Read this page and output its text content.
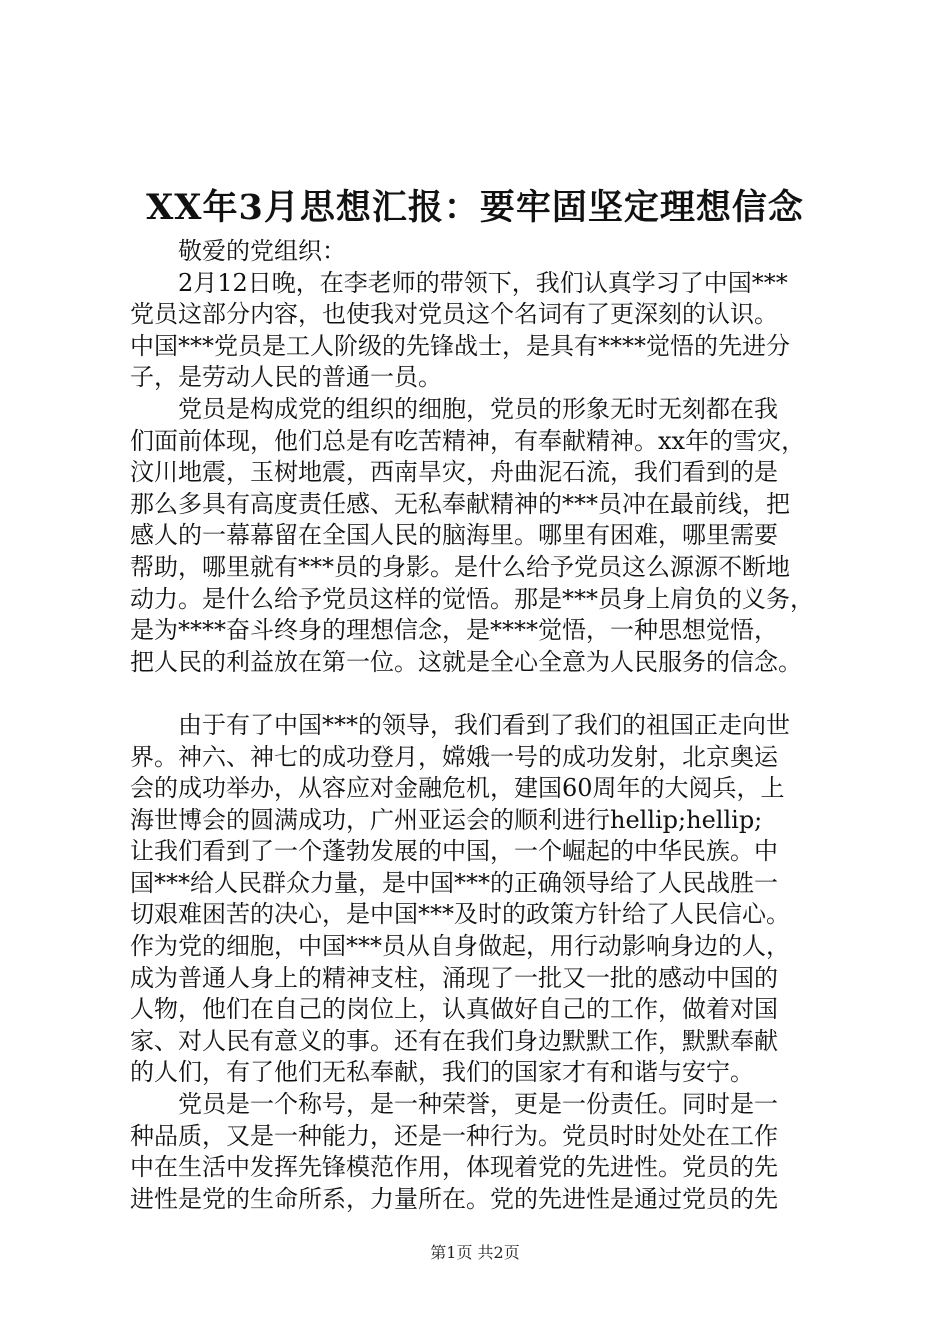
XX年3月思想汇报：要牢固坚定理想信念
　　敬爱的党组织：
　　2月12日晚，在李老师的带领下，我们认真学习了中国***
党员这部分内容，也使我对党员这个名词有了更深刻的认识。
中国***党员是工人阶级的先锋战士，是具有****觉悟的先进分
子，是劳动人民的普通一员。
　　党员是构成党的组织的细胞，党员的形象无时无刻都在我
们面前体现，他们总是有吃苦精神，有奉献精神。xx年的雪灾，
汶川地震，玉树地震，西南旱灾，舟曲泥石流，我们看到的是
那么多具有高度责任感、无私奉献精神的***员冲在最前线，把
感人的一幕幕留在全国人民的脑海里。哪里有困难，哪里需要
帮助，哪里就有***员的身影。是什么给予党员这么源源不断地
动力。是什么给予党员这样的觉悟。那是***员身上肩负的义务，
是为****奋斗终身的理想信念，是****觉悟，一种思想觉悟，
把人民的利益放在第一位。这就是全心全意为人民服务的信念。
　　由于有了中国***的领导，我们看到了我们的祖国正走向世
界。神六、神七的成功登月，嫦娥一号的成功发射，北京奥运
会的成功举办，从容应对金融危机，建国60周年的大阅兵，上
海世博会的圆满成功，广州亚运会的顺利进行hellip;hellip;
让我们看到了一个蓬勃发展的中国，一个崛起的中华民族。中
国***给人民群众力量，是中国***的正确领导给了人民战胜一
切艰难困苦的决心，是中国***及时的政策方针给了人民信心。
作为党的细胞，中国***员从自身做起，用行动影响身边的人，
成为普通人身上的精神支柱，涌现了一批又一批的感动中国的
人物，他们在自己的岗位上，认真做好自己的工作，做着对国
家、对人民有意义的事。还有在我们身边默默工作，默默奉献
的人们，有了他们无私奉献，我们的国家才有和谐与安宁。
　　党员是一个称号，是一种荣誉，更是一份责任。同时是一
种品质，又是一种能力，还是一种行为。党员时时处处在工作
中在生活中发挥先锋模范作用，体现着党的先进性。党员的先
进性是党的生命所系，力量所在。党的先进性是通过党员的先
第1页 共2页
